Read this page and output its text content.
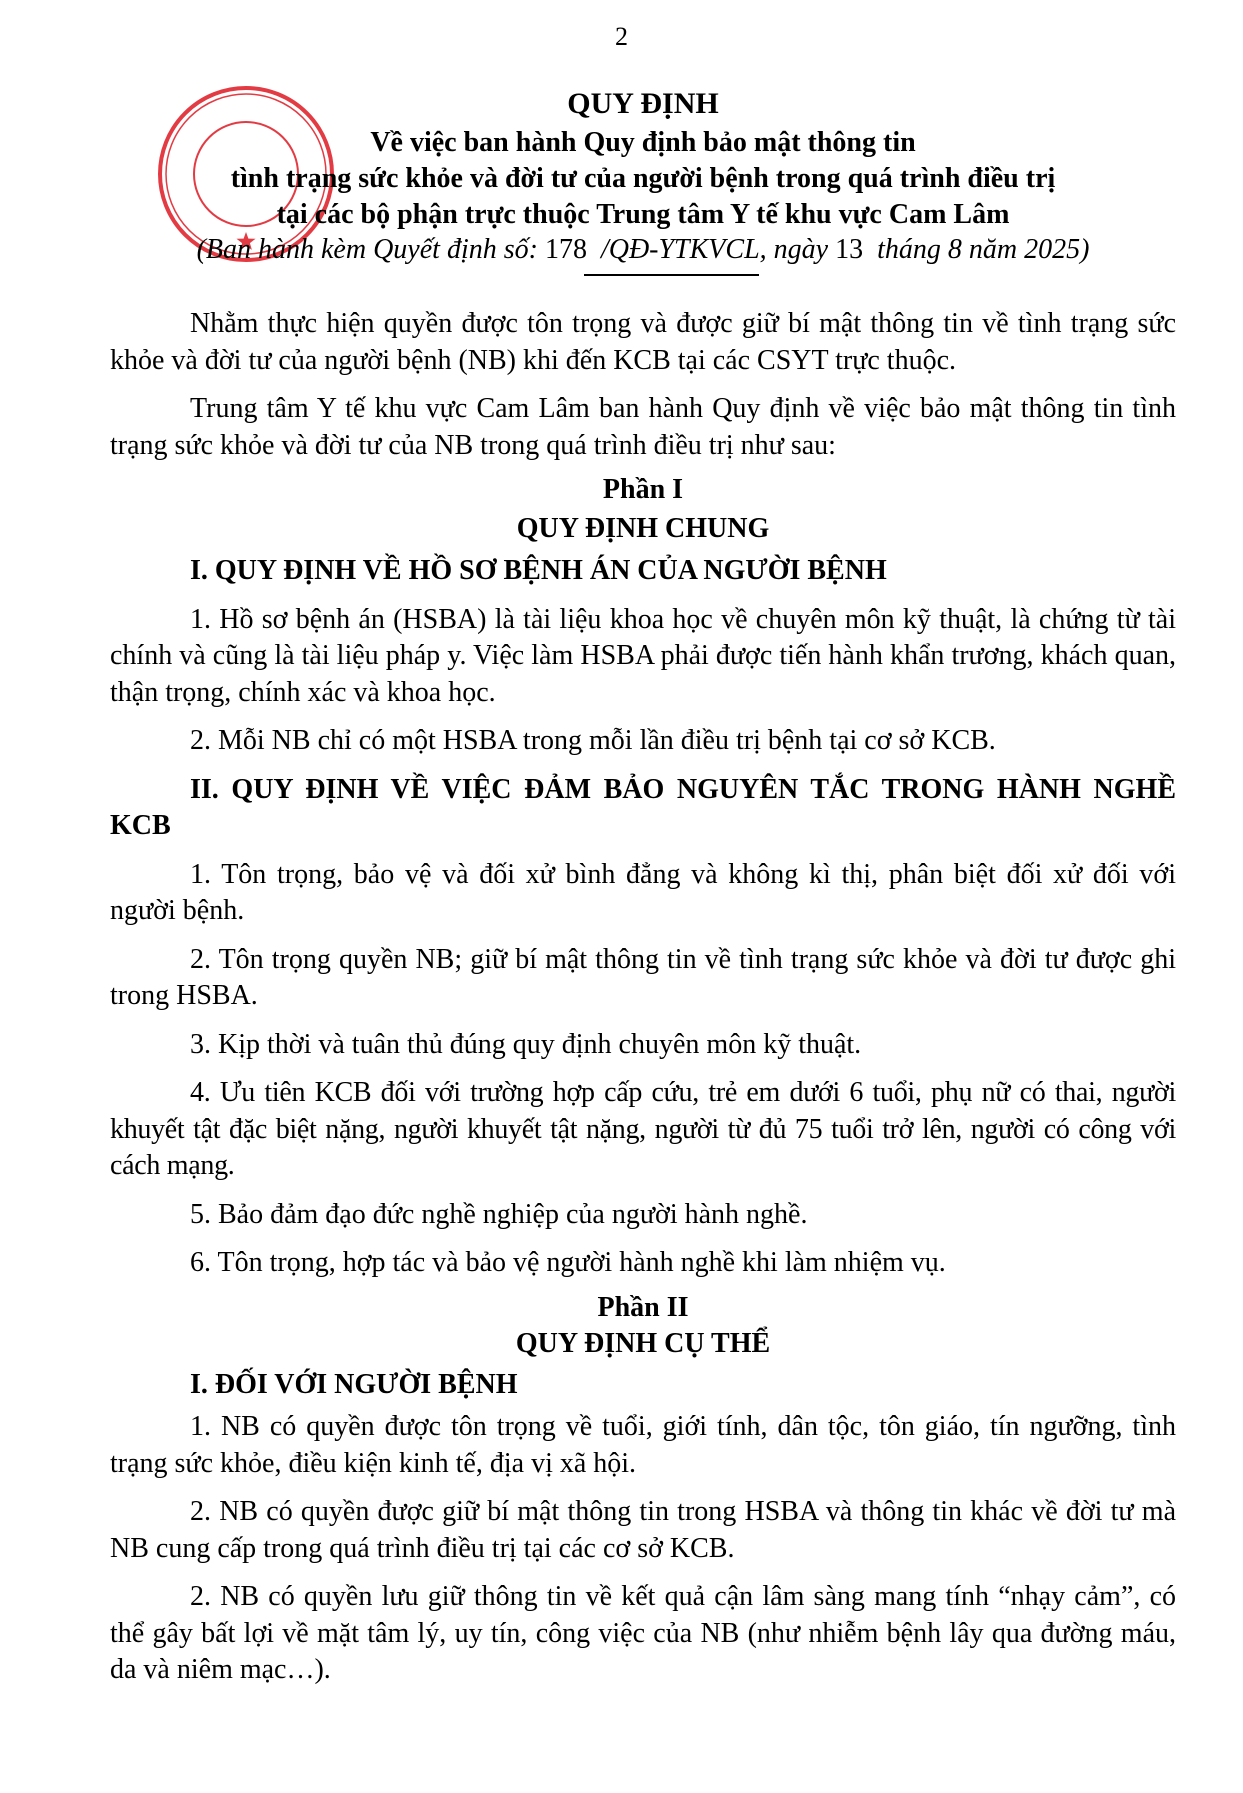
2
QUY ĐỊNH
Về việc ban hành Quy định bảo mật thông tin
tình trạng sức khỏe và đời tư của người bệnh trong quá trình điều trị
tại các bộ phận trực thuộc Trung tâm Y tế khu vực Cam Lâm
(Ban hành kèm Quyết định số: 178  /QĐ-YTKVCL, ngày 13  tháng 8 năm 2025)

Nhằm thực hiện quyền được tôn trọng và được giữ bí mật thông tin về tình trạng sức khỏe và đời tư của người bệnh (NB) khi đến KCB tại các CSYT trực thuộc.

Trung tâm Y tế khu vực Cam Lâm ban hành Quy định về việc bảo mật thông tin tình trạng sức khỏe và đời tư của NB trong quá trình điều trị như sau:

Phần I
QUY ĐỊNH CHUNG
I. QUY ĐỊNH VỀ HỒ SƠ BỆNH ÁN CỦA NGƯỜI BỆNH

1. Hồ sơ bệnh án (HSBA) là tài liệu khoa học về chuyên môn kỹ thuật, là chứng từ tài chính và cũng là tài liệu pháp y. Việc làm HSBA phải được tiến hành khẩn trương, khách quan, thận trọng, chính xác và khoa học.

2. Mỗi NB chỉ có một HSBA trong mỗi lần điều trị bệnh tại cơ sở KCB.

II. QUY ĐỊNH VỀ VIỆC ĐẢM BẢO NGUYÊN TẮC TRONG HÀNH NGHỀ KCB

1. Tôn trọng, bảo vệ và đối xử bình đẳng và không kì thị, phân biệt đối xử đối với người bệnh.

2. Tôn trọng quyền NB; giữ bí mật thông tin về tình trạng sức khỏe và đời tư được ghi trong HSBA.

3. Kịp thời và tuân thủ đúng quy định chuyên môn kỹ thuật.

4. Ưu tiên KCB đối với trường hợp cấp cứu, trẻ em dưới 6 tuổi, phụ nữ có thai, người khuyết tật đặc biệt nặng, người khuyết tật nặng, người từ đủ 75 tuổi trở lên, người có công với cách mạng.

5. Bảo đảm đạo đức nghề nghiệp của người hành nghề.

6. Tôn trọng, hợp tác và bảo vệ người hành nghề khi làm nhiệm vụ.

Phần II
QUY ĐỊNH CỤ THỂ
I. ĐỐI VỚI NGƯỜI BỆNH

1. NB có quyền được tôn trọng về tuổi, giới tính, dân tộc, tôn giáo, tín ngưỡng, tình trạng sức khỏe, điều kiện kinh tế, địa vị xã hội.

2. NB có quyền được giữ bí mật thông tin trong HSBA và thông tin khác về đời tư mà NB cung cấp trong quá trình điều trị tại các cơ sở KCB.

2. NB có quyền lưu giữ thông tin về kết quả cận lâm sàng mang tính “nhạy cảm”, có thể gây bất lợi về mặt tâm lý, uy tín, công việc của NB (như nhiễm bệnh lây qua đường máu, da và niêm mạc…).
